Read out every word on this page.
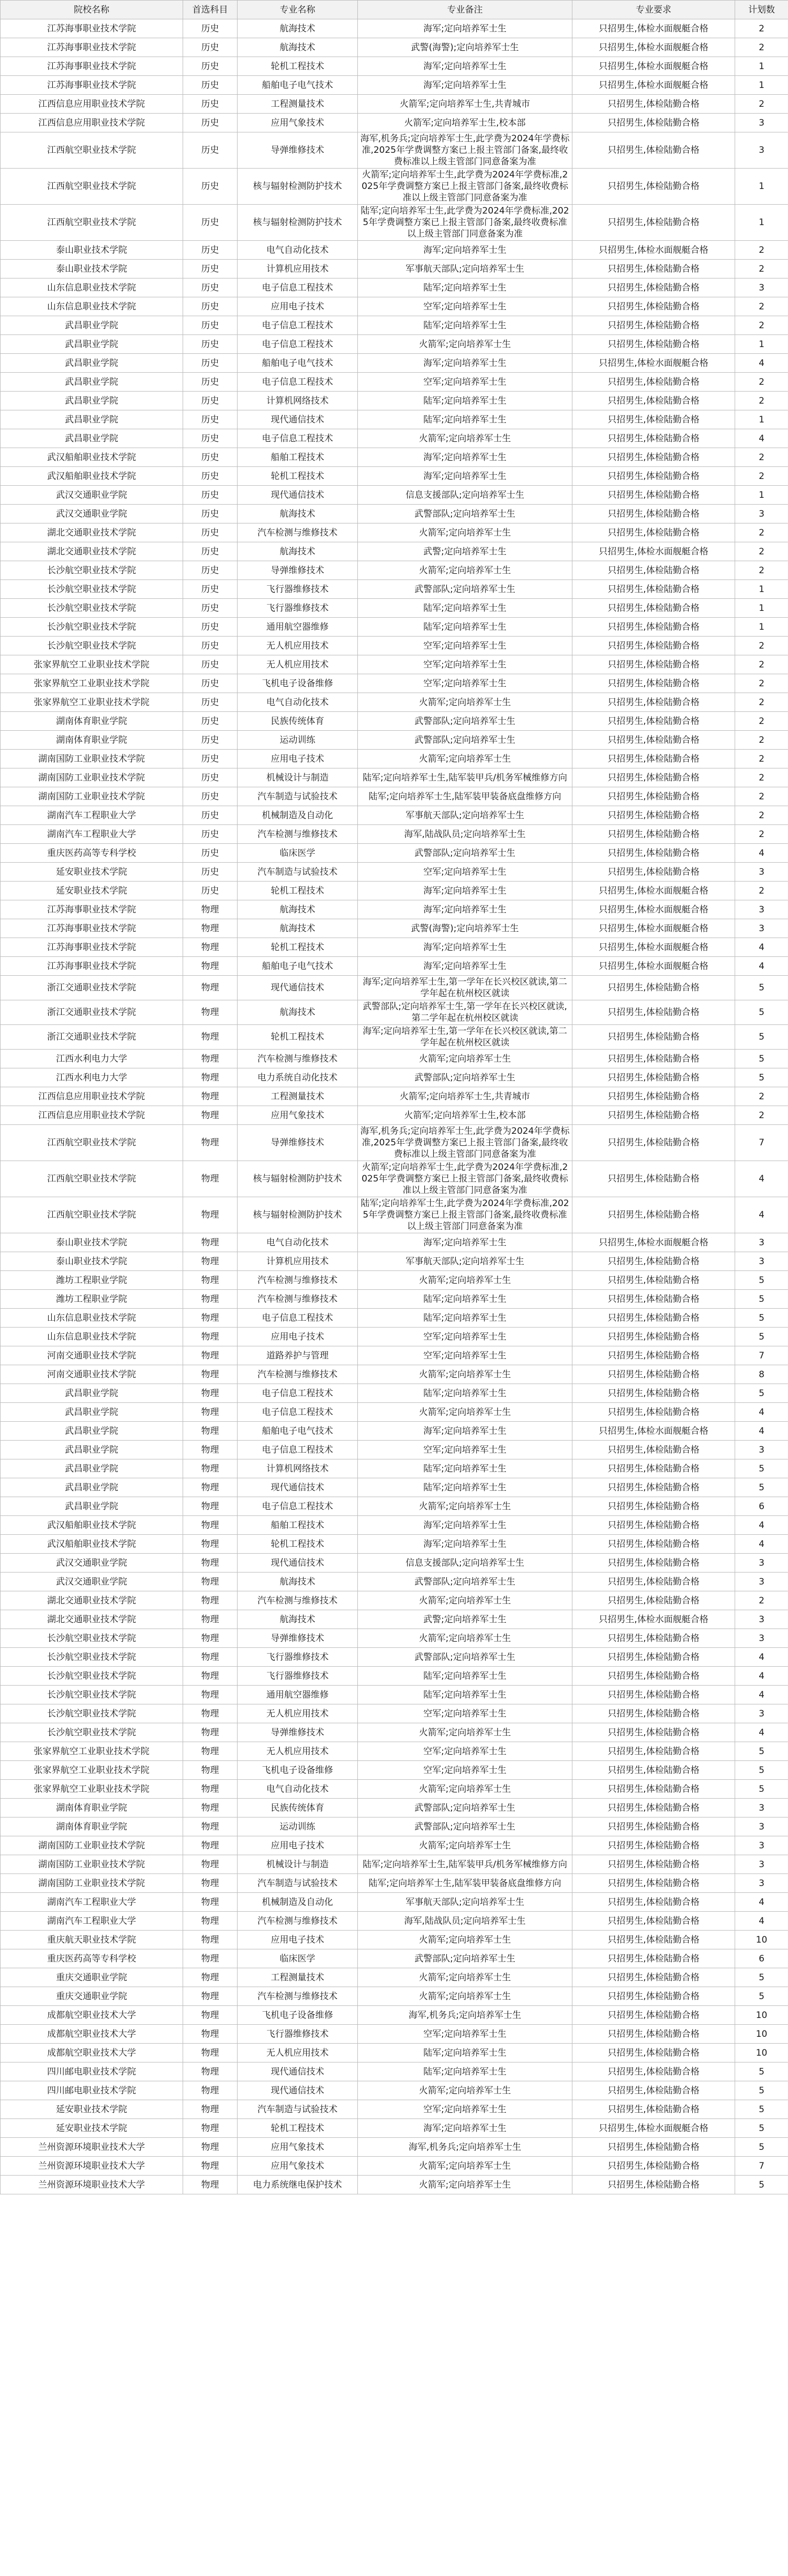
院校名称	首选科目	专业名称	专业备注	专业要求	计划数
江苏海事职业技术学院	历史	航海技术	海军;定向培养军士生	只招男生,体检水面舰艇合格	2
江苏海事职业技术学院	历史	航海技术	武警(海警);定向培养军士生	只招男生,体检水面舰艇合格	2
江苏海事职业技术学院	历史	轮机工程技术	海军;定向培养军士生	只招男生,体检水面舰艇合格	1
江苏海事职业技术学院	历史	船舶电子电气技术	海军;定向培养军士生	只招男生,体检水面舰艇合格	1
江西信息应用职业技术学院	历史	工程测量技术	火箭军;定向培养军士生,共青城市	只招男生,体检陆勤合格	2
江西信息应用职业技术学院	历史	应用气象技术	火箭军;定向培养军士生,校本部	只招男生,体检陆勤合格	3
江西航空职业技术学院	历史	导弹维修技术	海军,机务兵;定向培养军士生,此学费为2024年学费标准,2025年学费调整方案已上报主管部门备案,最终收费标准以上级主管部门同意备案为准	只招男生,体检陆勤合格	3
江西航空职业技术学院	历史	核与辐射检测防护技术	火箭军;定向培养军士生,此学费为2024年学费标准,2025年学费调整方案已上报主管部门备案,最终收费标准以上级主管部门同意备案为准	只招男生,体检陆勤合格	1
江西航空职业技术学院	历史	核与辐射检测防护技术	陆军;定向培养军士生,此学费为2024年学费标准,2025年学费调整方案已上报主管部门备案,最终收费标准以上级主管部门同意备案为准	只招男生,体检陆勤合格	1
泰山职业技术学院	历史	电气自动化技术	海军;定向培养军士生	只招男生,体检水面舰艇合格	2
泰山职业技术学院	历史	计算机应用技术	军事航天部队;定向培养军士生	只招男生,体检陆勤合格	2
山东信息职业技术学院	历史	电子信息工程技术	陆军;定向培养军士生	只招男生,体检陆勤合格	3
山东信息职业技术学院	历史	应用电子技术	空军;定向培养军士生	只招男生,体检陆勤合格	2
武昌职业学院	历史	电子信息工程技术	陆军;定向培养军士生	只招男生,体检陆勤合格	2
武昌职业学院	历史	电子信息工程技术	火箭军;定向培养军士生	只招男生,体检陆勤合格	1
武昌职业学院	历史	船舶电子电气技术	海军;定向培养军士生	只招男生,体检水面舰艇合格	4
武昌职业学院	历史	电子信息工程技术	空军;定向培养军士生	只招男生,体检陆勤合格	2
武昌职业学院	历史	计算机网络技术	陆军;定向培养军士生	只招男生,体检陆勤合格	2
武昌职业学院	历史	现代通信技术	陆军;定向培养军士生	只招男生,体检陆勤合格	1
武昌职业学院	历史	电子信息工程技术	火箭军;定向培养军士生	只招男生,体检陆勤合格	4
武汉船舶职业技术学院	历史	船舶工程技术	海军;定向培养军士生	只招男生,体检陆勤合格	2
武汉船舶职业技术学院	历史	轮机工程技术	海军;定向培养军士生	只招男生,体检陆勤合格	2
武汉交通职业学院	历史	现代通信技术	信息支援部队;定向培养军士生	只招男生,体检陆勤合格	1
武汉交通职业学院	历史	航海技术	武警部队;定向培养军士生	只招男生,体检陆勤合格	3
湖北交通职业技术学院	历史	汽车检测与维修技术	火箭军;定向培养军士生	只招男生,体检陆勤合格	2
湖北交通职业技术学院	历史	航海技术	武警;定向培养军士生	只招男生,体检水面舰艇合格	2
长沙航空职业技术学院	历史	导弹维修技术	火箭军;定向培养军士生	只招男生,体检陆勤合格	2
长沙航空职业技术学院	历史	飞行器维修技术	武警部队;定向培养军士生	只招男生,体检陆勤合格	1
长沙航空职业技术学院	历史	飞行器维修技术	陆军;定向培养军士生	只招男生,体检陆勤合格	1
长沙航空职业技术学院	历史	通用航空器维修	陆军;定向培养军士生	只招男生,体检陆勤合格	1
长沙航空职业技术学院	历史	无人机应用技术	空军;定向培养军士生	只招男生,体检陆勤合格	2
张家界航空工业职业技术学院	历史	无人机应用技术	空军;定向培养军士生	只招男生,体检陆勤合格	2
张家界航空工业职业技术学院	历史	飞机电子设备维修	空军;定向培养军士生	只招男生,体检陆勤合格	2
张家界航空工业职业技术学院	历史	电气自动化技术	火箭军;定向培养军士生	只招男生,体检陆勤合格	2
湖南体育职业学院	历史	民族传统体育	武警部队;定向培养军士生	只招男生,体检陆勤合格	2
湖南体育职业学院	历史	运动训练	武警部队;定向培养军士生	只招男生,体检陆勤合格	2
湖南国防工业职业技术学院	历史	应用电子技术	火箭军;定向培养军士生	只招男生,体检陆勤合格	2
湖南国防工业职业技术学院	历史	机械设计与制造	陆军;定向培养军士生,陆军装甲兵/机务军械维修方向	只招男生,体检陆勤合格	2
湖南国防工业职业技术学院	历史	汽车制造与试验技术	陆军;定向培养军士生,陆军装甲装备底盘维修方向	只招男生,体检陆勤合格	2
湖南汽车工程职业大学	历史	机械制造及自动化	军事航天部队;定向培养军士生	只招男生,体检陆勤合格	2
湖南汽车工程职业大学	历史	汽车检测与维修技术	海军,陆战队员;定向培养军士生	只招男生,体检陆勤合格	2
重庆医药高等专科学校	历史	临床医学	武警部队;定向培养军士生	只招男生,体检陆勤合格	4
延安职业技术学院	历史	汽车制造与试验技术	空军;定向培养军士生	只招男生,体检陆勤合格	3
延安职业技术学院	历史	轮机工程技术	海军;定向培养军士生	只招男生,体检水面舰艇合格	2
江苏海事职业技术学院	物理	航海技术	海军;定向培养军士生	只招男生,体检水面舰艇合格	3
江苏海事职业技术学院	物理	航海技术	武警(海警);定向培养军士生	只招男生,体检水面舰艇合格	3
江苏海事职业技术学院	物理	轮机工程技术	海军;定向培养军士生	只招男生,体检水面舰艇合格	4
江苏海事职业技术学院	物理	船舶电子电气技术	海军;定向培养军士生	只招男生,体检水面舰艇合格	4
浙江交通职业技术学院	物理	现代通信技术	海军;定向培养军士生,第一学年在长兴校区就读,第二学年起在杭州校区就读	只招男生,体检陆勤合格	5
浙江交通职业技术学院	物理	航海技术	武警部队;定向培养军士生,第一学年在长兴校区就读,第二学年起在杭州校区就读	只招男生,体检陆勤合格	5
浙江交通职业技术学院	物理	轮机工程技术	海军;定向培养军士生,第一学年在长兴校区就读,第二学年起在杭州校区就读	只招男生,体检陆勤合格	5
江西水利电力大学	物理	汽车检测与维修技术	火箭军;定向培养军士生	只招男生,体检陆勤合格	5
江西水利电力大学	物理	电力系统自动化技术	武警部队;定向培养军士生	只招男生,体检陆勤合格	5
江西信息应用职业技术学院	物理	工程测量技术	火箭军;定向培养军士生,共青城市	只招男生,体检陆勤合格	2
江西信息应用职业技术学院	物理	应用气象技术	火箭军;定向培养军士生,校本部	只招男生,体检陆勤合格	2
江西航空职业技术学院	物理	导弹维修技术	海军,机务兵;定向培养军士生,此学费为2024年学费标准,2025年学费调整方案已上报主管部门备案,最终收费标准以上级主管部门同意备案为准	只招男生,体检陆勤合格	7
江西航空职业技术学院	物理	核与辐射检测防护技术	火箭军;定向培养军士生,此学费为2024年学费标准,2025年学费调整方案已上报主管部门备案,最终收费标准以上级主管部门同意备案为准	只招男生,体检陆勤合格	4
江西航空职业技术学院	物理	核与辐射检测防护技术	陆军;定向培养军士生,此学费为2024年学费标准,2025年学费调整方案已上报主管部门备案,最终收费标准以上级主管部门同意备案为准	只招男生,体检陆勤合格	4
泰山职业技术学院	物理	电气自动化技术	海军;定向培养军士生	只招男生,体检水面舰艇合格	3
泰山职业技术学院	物理	计算机应用技术	军事航天部队;定向培养军士生	只招男生,体检陆勤合格	3
潍坊工程职业学院	物理	汽车检测与维修技术	火箭军;定向培养军士生	只招男生,体检陆勤合格	5
潍坊工程职业学院	物理	汽车检测与维修技术	陆军;定向培养军士生	只招男生,体检陆勤合格	5
山东信息职业技术学院	物理	电子信息工程技术	陆军;定向培养军士生	只招男生,体检陆勤合格	5
山东信息职业技术学院	物理	应用电子技术	空军;定向培养军士生	只招男生,体检陆勤合格	5
河南交通职业技术学院	物理	道路养护与管理	空军;定向培养军士生	只招男生,体检陆勤合格	7
河南交通职业技术学院	物理	汽车检测与维修技术	火箭军;定向培养军士生	只招男生,体检陆勤合格	8
武昌职业学院	物理	电子信息工程技术	陆军;定向培养军士生	只招男生,体检陆勤合格	5
武昌职业学院	物理	电子信息工程技术	火箭军;定向培养军士生	只招男生,体检陆勤合格	4
武昌职业学院	物理	船舶电子电气技术	海军;定向培养军士生	只招男生,体检水面舰艇合格	4
武昌职业学院	物理	电子信息工程技术	空军;定向培养军士生	只招男生,体检陆勤合格	3
武昌职业学院	物理	计算机网络技术	陆军;定向培养军士生	只招男生,体检陆勤合格	5
武昌职业学院	物理	现代通信技术	陆军;定向培养军士生	只招男生,体检陆勤合格	5
武昌职业学院	物理	电子信息工程技术	火箭军;定向培养军士生	只招男生,体检陆勤合格	6
武汉船舶职业技术学院	物理	船舶工程技术	海军;定向培养军士生	只招男生,体检陆勤合格	4
武汉船舶职业技术学院	物理	轮机工程技术	海军;定向培养军士生	只招男生,体检陆勤合格	4
武汉交通职业学院	物理	现代通信技术	信息支援部队;定向培养军士生	只招男生,体检陆勤合格	3
武汉交通职业学院	物理	航海技术	武警部队;定向培养军士生	只招男生,体检陆勤合格	3
湖北交通职业技术学院	物理	汽车检测与维修技术	火箭军;定向培养军士生	只招男生,体检陆勤合格	2
湖北交通职业技术学院	物理	航海技术	武警;定向培养军士生	只招男生,体检水面舰艇合格	3
长沙航空职业技术学院	物理	导弹维修技术	火箭军;定向培养军士生	只招男生,体检陆勤合格	3
长沙航空职业技术学院	物理	飞行器维修技术	武警部队;定向培养军士生	只招男生,体检陆勤合格	4
长沙航空职业技术学院	物理	飞行器维修技术	陆军;定向培养军士生	只招男生,体检陆勤合格	4
长沙航空职业技术学院	物理	通用航空器维修	陆军;定向培养军士生	只招男生,体检陆勤合格	4
长沙航空职业技术学院	物理	无人机应用技术	空军;定向培养军士生	只招男生,体检陆勤合格	3
长沙航空职业技术学院	物理	导弹维修技术	火箭军;定向培养军士生	只招男生,体检陆勤合格	4
张家界航空工业职业技术学院	物理	无人机应用技术	空军;定向培养军士生	只招男生,体检陆勤合格	5
张家界航空工业职业技术学院	物理	飞机电子设备维修	空军;定向培养军士生	只招男生,体检陆勤合格	5
张家界航空工业职业技术学院	物理	电气自动化技术	火箭军;定向培养军士生	只招男生,体检陆勤合格	5
湖南体育职业学院	物理	民族传统体育	武警部队;定向培养军士生	只招男生,体检陆勤合格	3
湖南体育职业学院	物理	运动训练	武警部队;定向培养军士生	只招男生,体检陆勤合格	3
湖南国防工业职业技术学院	物理	应用电子技术	火箭军;定向培养军士生	只招男生,体检陆勤合格	3
湖南国防工业职业技术学院	物理	机械设计与制造	陆军;定向培养军士生,陆军装甲兵/机务军械维修方向	只招男生,体检陆勤合格	3
湖南国防工业职业技术学院	物理	汽车制造与试验技术	陆军;定向培养军士生,陆军装甲装备底盘维修方向	只招男生,体检陆勤合格	3
湖南汽车工程职业大学	物理	机械制造及自动化	军事航天部队;定向培养军士生	只招男生,体检陆勤合格	4
湖南汽车工程职业大学	物理	汽车检测与维修技术	海军,陆战队员;定向培养军士生	只招男生,体检陆勤合格	4
重庆航天职业技术学院	物理	应用电子技术	火箭军;定向培养军士生	只招男生,体检陆勤合格	10
重庆医药高等专科学校	物理	临床医学	武警部队;定向培养军士生	只招男生,体检陆勤合格	6
重庆交通职业学院	物理	工程测量技术	火箭军;定向培养军士生	只招男生,体检陆勤合格	5
重庆交通职业学院	物理	汽车检测与维修技术	火箭军;定向培养军士生	只招男生,体检陆勤合格	5
成都航空职业技术大学	物理	飞机电子设备维修	海军,机务兵;定向培养军士生	只招男生,体检陆勤合格	10
成都航空职业技术大学	物理	飞行器维修技术	空军;定向培养军士生	只招男生,体检陆勤合格	10
成都航空职业技术大学	物理	无人机应用技术	陆军;定向培养军士生	只招男生,体检陆勤合格	10
四川邮电职业技术学院	物理	现代通信技术	陆军;定向培养军士生	只招男生,体检陆勤合格	5
四川邮电职业技术学院	物理	现代通信技术	火箭军;定向培养军士生	只招男生,体检陆勤合格	5
延安职业技术学院	物理	汽车制造与试验技术	空军;定向培养军士生	只招男生,体检陆勤合格	5
延安职业技术学院	物理	轮机工程技术	海军;定向培养军士生	只招男生,体检水面舰艇合格	5
兰州资源环境职业技术大学	物理	应用气象技术	海军,机务兵;定向培养军士生	只招男生,体检陆勤合格	5
兰州资源环境职业技术大学	物理	应用气象技术	火箭军;定向培养军士生	只招男生,体检陆勤合格	7
兰州资源环境职业技术大学	物理	电力系统继电保护技术	火箭军;定向培养军士生	只招男生,体检陆勤合格	5
